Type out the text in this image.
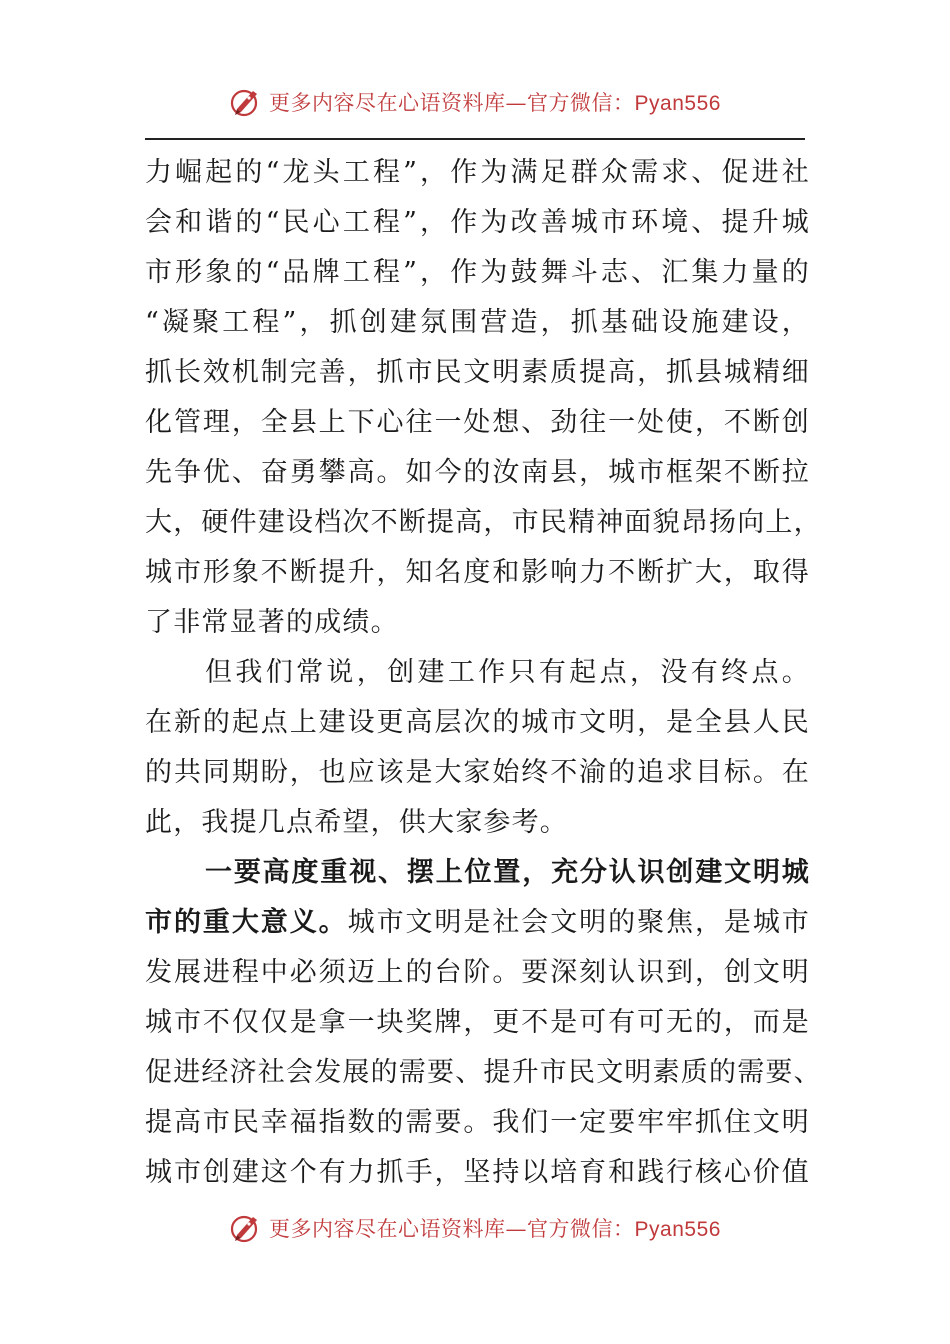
更多内容尽在心语资料库—官方微信：Pyan556
力崛起的“龙头工程”，作为满足群众需求、促进社
会和谐的“民心工程”，作为改善城市环境、提升城
市形象的“品牌工程”，作为鼓舞斗志、汇集力量的
“凝聚工程”，抓创建氛围营造，抓基础设施建设，
抓长效机制完善，抓市民文明素质提高，抓县城精细
化管理，全县上下心往一处想、劲往一处使，不断创
先争优、奋勇攀高。如今的汝南县，城市框架不断拉
大，硬件建设档次不断提高，市民精神面貌昂扬向上，
城市形象不断提升，知名度和影响力不断扩大，取得
了非常显著的成绩。
但我们常说，创建工作只有起点，没有终点。
在新的起点上建设更高层次的城市文明，是全县人民
的共同期盼，也应该是大家始终不渝的追求目标。在
此，我提几点希望，供大家参考。
一要高度重视、摆上位置，充分认识创建文明城
市的重大意义。城市文明是社会文明的聚焦，是城市
发展进程中必须迈上的台阶。要深刻认识到，创文明
城市不仅仅是拿一块奖牌，更不是可有可无的，而是
促进经济社会发展的需要、提升市民文明素质的需要、
提高市民幸福指数的需要。我们一定要牢牢抓住文明
城市创建这个有力抓手，坚持以培育和践行核心价值
更多内容尽在心语资料库—官方微信：Pyan556
